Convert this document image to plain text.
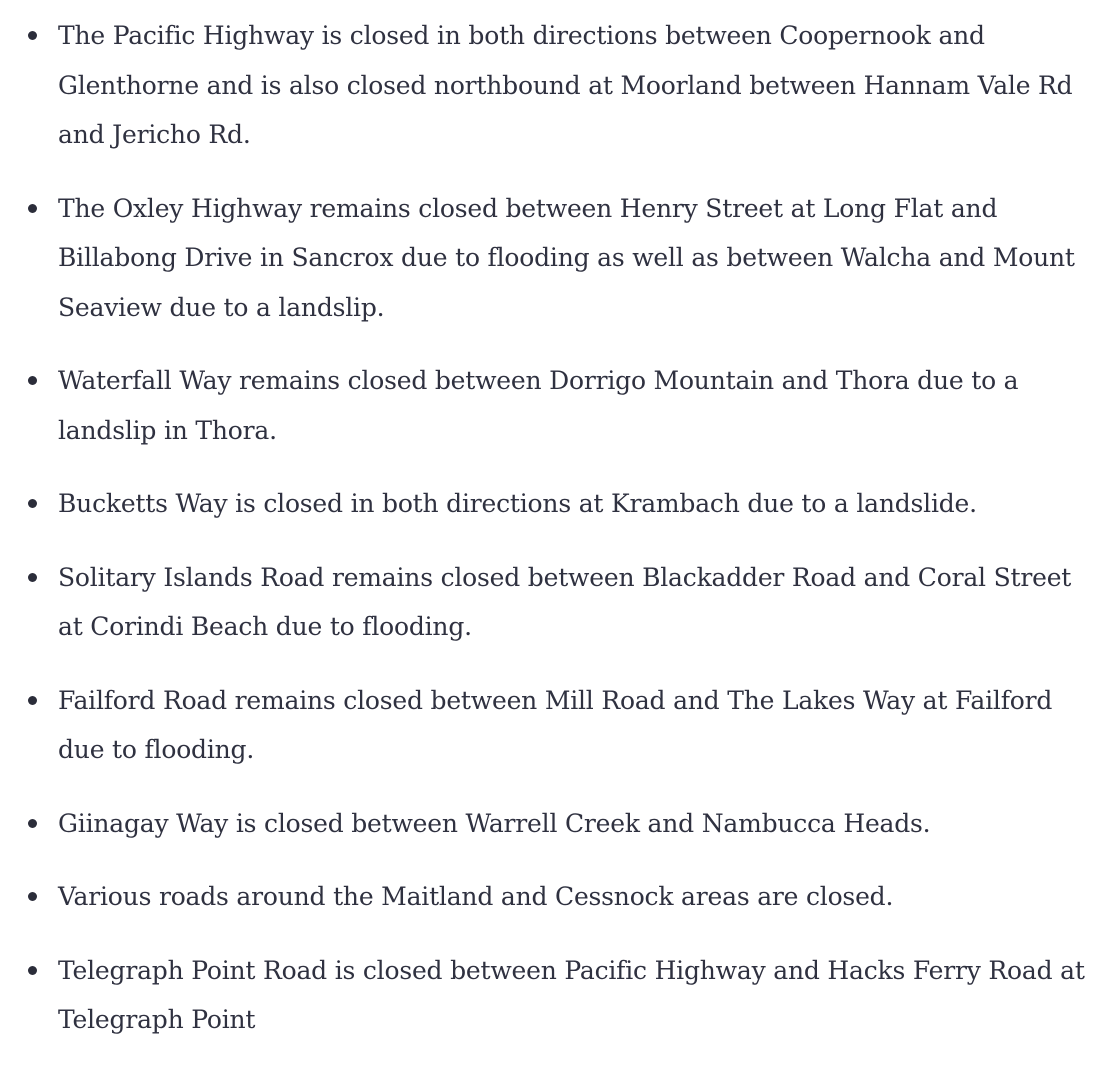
The Pacific Highway is closed in both directions between Coopernook and Glenthorne and is also closed northbound at Moorland between Hannam Vale Rd and Jericho Rd.
The Oxley Highway remains closed between Henry Street at Long Flat and Billabong Drive in Sancrox due to flooding as well as between Walcha and Mount Seaview due to a landslip.
Waterfall Way remains closed between Dorrigo Mountain and Thora due to a landslip in Thora.
Bucketts Way is closed in both directions at Krambach due to a landslide.
Solitary Islands Road remains closed between Blackadder Road and Coral Street at Corindi Beach due to flooding.
Failford Road remains closed between Mill Road and The Lakes Way at Failford due to flooding.
Giinagay Way is closed between Warrell Creek and Nambucca Heads.
Various roads around the Maitland and Cessnock areas are closed.
Telegraph Point Road is closed between Pacific Highway and Hacks Ferry Road at Telegraph Point
